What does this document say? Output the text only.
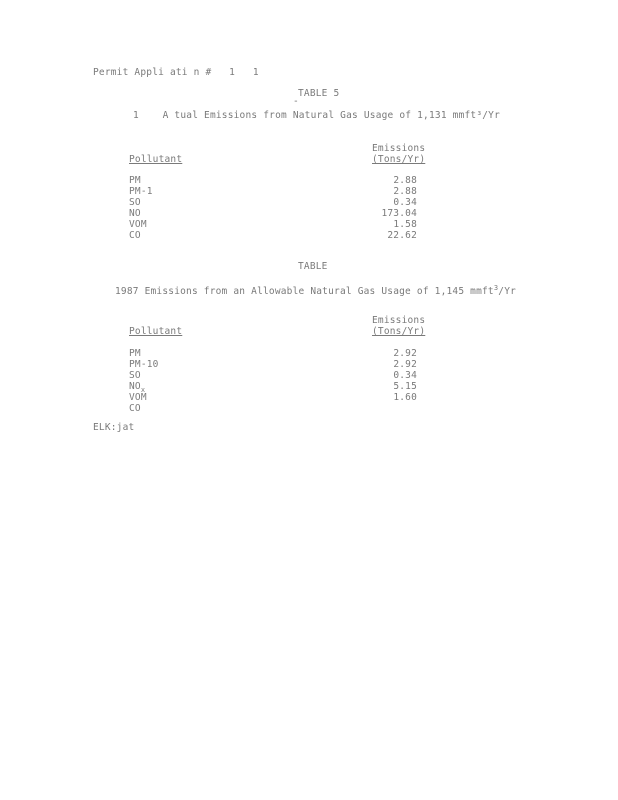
Permit Appli ati n #   1   1
TABLE 5
-
1    A tual Emissions from Natural Gas Usage of 1,131 mmft³/Yr
Emissions
Pollutant	(Tons/Yr)
PM	2.88
PM-1	2.88
SO	0.34
NO	173.04
VOM	1.58
CO	22.62
TABLE
1987 Emissions from an Allowable Natural Gas Usage of 1,145 mmft$^3$/Yr
Emissions
Pollutant	(Tons/Yr)
PM	2.92
PM-10	2.92
SO	0.34
$NO_x$	5.15
VOM	1.60
CO
ELK:jat
